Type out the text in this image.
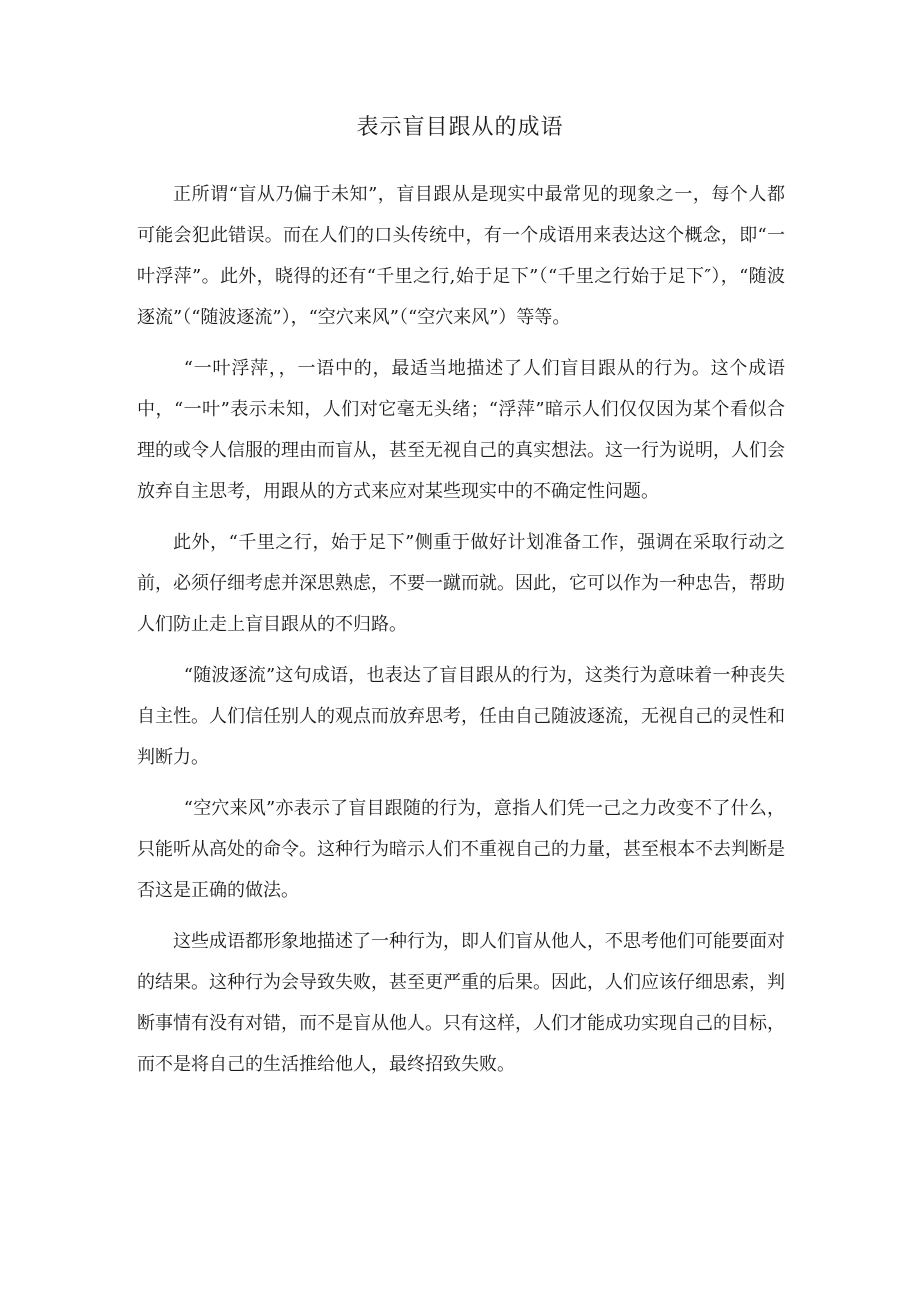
表示盲目跟从的成语

正所谓“盲从乃偏于未知”，盲目跟从是现实中最常见的现象之一，每个人都可能会犯此错误。而在人们的口头传统中，有一个成语用来表达这个概念，即“一叶浮萍”。此外，晓得的还有“千里之行,始于足下”（“千里之行始于足下″），“随波逐流”（“随波逐流”），“空穴来风”（“空穴来风”）等等。

“一叶浮萍，，一语中的，最适当地描述了人们盲目跟从的行为。这个成语中，“一叶”表示未知，人们对它毫无头绪；“浮萍”暗示人们仅仅因为某个看似合理的或令人信服的理由而盲从，甚至无视自己的真实想法。这一行为说明，人们会放弃自主思考，用跟从的方式来应对某些现实中的不确定性问题。

此外，“千里之行，始于足下”侧重于做好计划准备工作，强调在采取行动之前，必须仔细考虑并深思熟虑，不要一蹴而就。因此，它可以作为一种忠告，帮助人们防止走上盲目跟从的不归路。

“随波逐流”这句成语，也表达了盲目跟从的行为，这类行为意味着一种丧失自主性。人们信任别人的观点而放弃思考，任由自己随波逐流，无视自己的灵性和判断力。

“空穴来风”亦表示了盲目跟随的行为，意指人们凭一己之力改变不了什么，只能听从高处的命令。这种行为暗示人们不重视自己的力量，甚至根本不去判断是否这是正确的做法。

这些成语都形象地描述了一种行为，即人们盲从他人，不思考他们可能要面对的结果。这种行为会导致失败，甚至更严重的后果。因此，人们应该仔细思索，判断事情有没有对错，而不是盲从他人。只有这样，人们才能成功实现自己的目标，而不是将自己的生活推给他人，最终招致失败。
